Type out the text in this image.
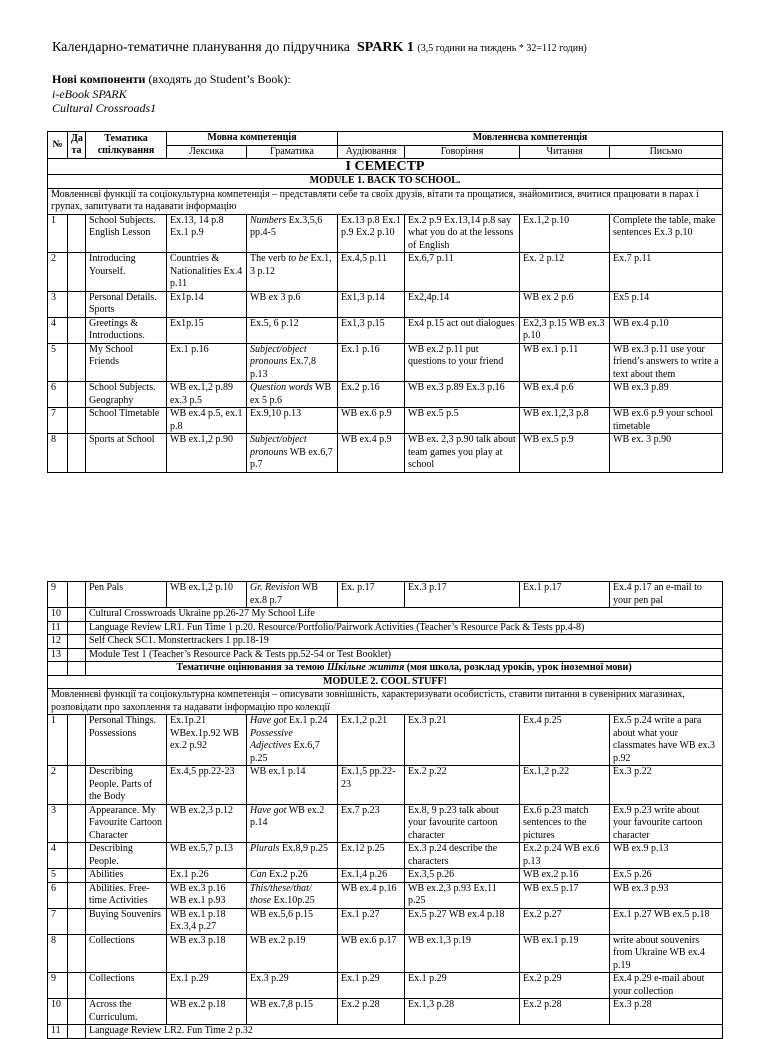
Календарно-тематичне планування до підручника SPARK 1 (3,5 години на тиждень * 32=112 годин)
Нові компоненти (входять до Student’s Book):
i-eBook SPARK
Cultural Crossroads1
№	Да та	Тематика спілкування	Мовна компетенція		Мовленнєва компетенція			
			Лексика	Граматика	Аудіювання	Говоріння	Читання	Письмо
І СЕМЕСТР								
MODULE 1. BACK TO SCHOOL.								
Мовленнєві функції та соціокультурна компетенція – представляти себе та своїх друзів, вітати та прощатися, знайомитися, вчитися працювати в парах і групах, запитувати та надавати інформацію								
1		School Subjects. English Lesson	Ex.13, 14 p.8 Ex.1 p.9	Numbers Ex.3,5,6 pp.4-5	Ex.13 p.8 Ex.1 p.9 Ex.2 p.10	Ex.2 p.9 Ex.13,14 p.8 say what you do at the lessons of English	Ex.1,2 p.10	Complete the table, make sentences Ex.3 p.10
2		Introducing Yourself.	Countries & Nationalities Ex.4 p.11	The verb to be Ex.1, 3 p.12	Ex.4,5 p.11	Ex.6,7 p.11	Ex. 2 p.12	Ex.7 p.11
3		Personal Details. Sports	Ex1p.14	WB ex 3 p.6	Ex1,3 p.14	Ex2,4p.14	WB ex 2 p.6	Ex5 p.14
4		Greetings & Introductions.	Ex1p.15	Ex.5, 6 p.12	Ex1,3 p.15	Ex4 p.15 act out dialogues	Ex2,3 p.15 WB ex.3 p.10	WB ex.4 p.10
5		My School Friends	Ex.1 p.16	Subject/object pronouns Ex.7,8 p.13	Ex.1 p.16	WB ex.2 p.11 put questions to your friend	WB ex.1 p.11	WB ex.3 p.11 use your friend’s answers to write a text about them
6		School Subjects. Geography	WB ex.1,2 p.89 ex.3 p.5	Question words WB ex 5 p.6	Ex.2 p.16	WB ex.3 p.89 Ex.3 p.16	WB ex.4 p.6	WB ex.3 p.89
7		School Timetable	WB ex.4 p.5, ex.1 p.8	Ex.9,10 p.13	WB ex.6 p.9	WB ex.5 p.5	WB ex.1,2,3 p.8	WB ex.6 p.9 your school timetable
8		Sports at School	WB ex.1,2 p.90	Subject/object pronouns WB ex.6,7 p.7	WB ex.4 p.9	WB ex. 2,3 p.90 talk about team games you play at school	WB ex.5 p.9	WB ex. 3 p.90
9		Pen Pals	WB ex.1,2 p.10	Gr. Revision WB ex.8 p.7	Ex. p.17	Ex.3 p.17	Ex.1 p.17	Ex.4 p.17 an e-mail to your pen pal
10		Cultural Crosswroads Ukraine pp.26-27 My School Life						
11		Language Review LR1. Fun Time 1 p.20. Resource/Portfolio/Pairwork Activities (Teacher’s Resource Pack & Tests pp.4-8)						
12		Self Check SC1. Monstertrackers 1 pp.18-19						
13		Module Test 1 (Teacher’s Resource Pack & Tests pp.52-54 or Test Booklet)						
		Тематичне оцінювання за темою Шкільне життя (моя школа, розклад уроків, урок іноземної мови)						
MODULE 2. COOL STUFF!								
Мовленнєві функції та соціокультурна компетенція – описувати зовнішність, характеризувати особистість, ставити питання в сувенірних магазинах, розповідати про захоплення та надавати інформацію про колекції								
1		Personal Things. Possessions	Ex.1p.21 WBex.1p.92 WB ex.2 p.92	Have got Ex.1 p.24 Possessive Adjectives Ex.6,7 p.25	Ex.1,2 p.21	Ex.3 p.21	Ex.4 p.25	Ex.5 p.24 write a para about what your classmates have WB ex.3 p.92
2		Describing People. Parts of the Body	Ex.4,5 pp.22-23	WB ex.1 p.14	Ex.1,5 pp.22-23	Ex.2 p.22	Ex.1,2 p.22	Ex.3 p.22
3		Appearance. My Favourite Cartoon Character	WB ex.2,3 p.12	Have got WB ex.2 p.14	Ex.7 p.23	Ex.8, 9 p.23 talk about your favourite cartoon character	Ex.6 p.23 match sentences to the pictures	Ex.9 p.23 write about your favourite cartoon character
4		Describing People.	WB ex.5,7 p.13	Plurals Ex.8,9 p.25	Ex.12 p.25	Ex.3 p.24 describe the characters	Ex.2 p.24 WB ex.6 p.13	WB ex.9 p.13
5		Abilities	Ex.1 p.26	Can Ex.2 p.26	Ex.1,4 p.26	Ex.3,5 p.26	WB ex.2 p.16	Ex.5 p.26
6		Abilities. Free-time Activities	WB ex.3 p.16 WB ex.1 p.93	This/these/that/ those Ex.10p.25	WB ex.4 p.16	WB ex.2,3 p.93 Ex.11 p.25	WB ex.5 p.17	WB ex.3 p.93
7		Buying Souvenirs	WB ex.1 p.18 Ex.3,4 p.27	WB ex.5,6 p.15	Ex.1 p.27	Ex.5 p.27 WB ex.4 p.18	Ex.2 p.27	Ex.1 p.27 WB ex.5 p.18
8		Collections	WB ex.3 p.18	WB ex.2 p.19	WB ex.6 p.17	WB ex.1,3 p.19	WB ex.1 p.19	write about souvenirs from Ukraine WB ex.4 p.19
9		Collections	Ex.1 p.29	Ex.3 p.29	Ex.1 p.29	Ex.1 p.29	Ex.2 p.29	Ex.4 p.29 e-mail about your collection
10		Across the Curriculum.	WB ex.2 p.18	WB ex.7,8 p.15	Ex.2 p.28	Ex.1,3 p.28	Ex.2 p.28	Ex.3 p.28
11		Language Review LR2. Fun Time 2 p.32						
